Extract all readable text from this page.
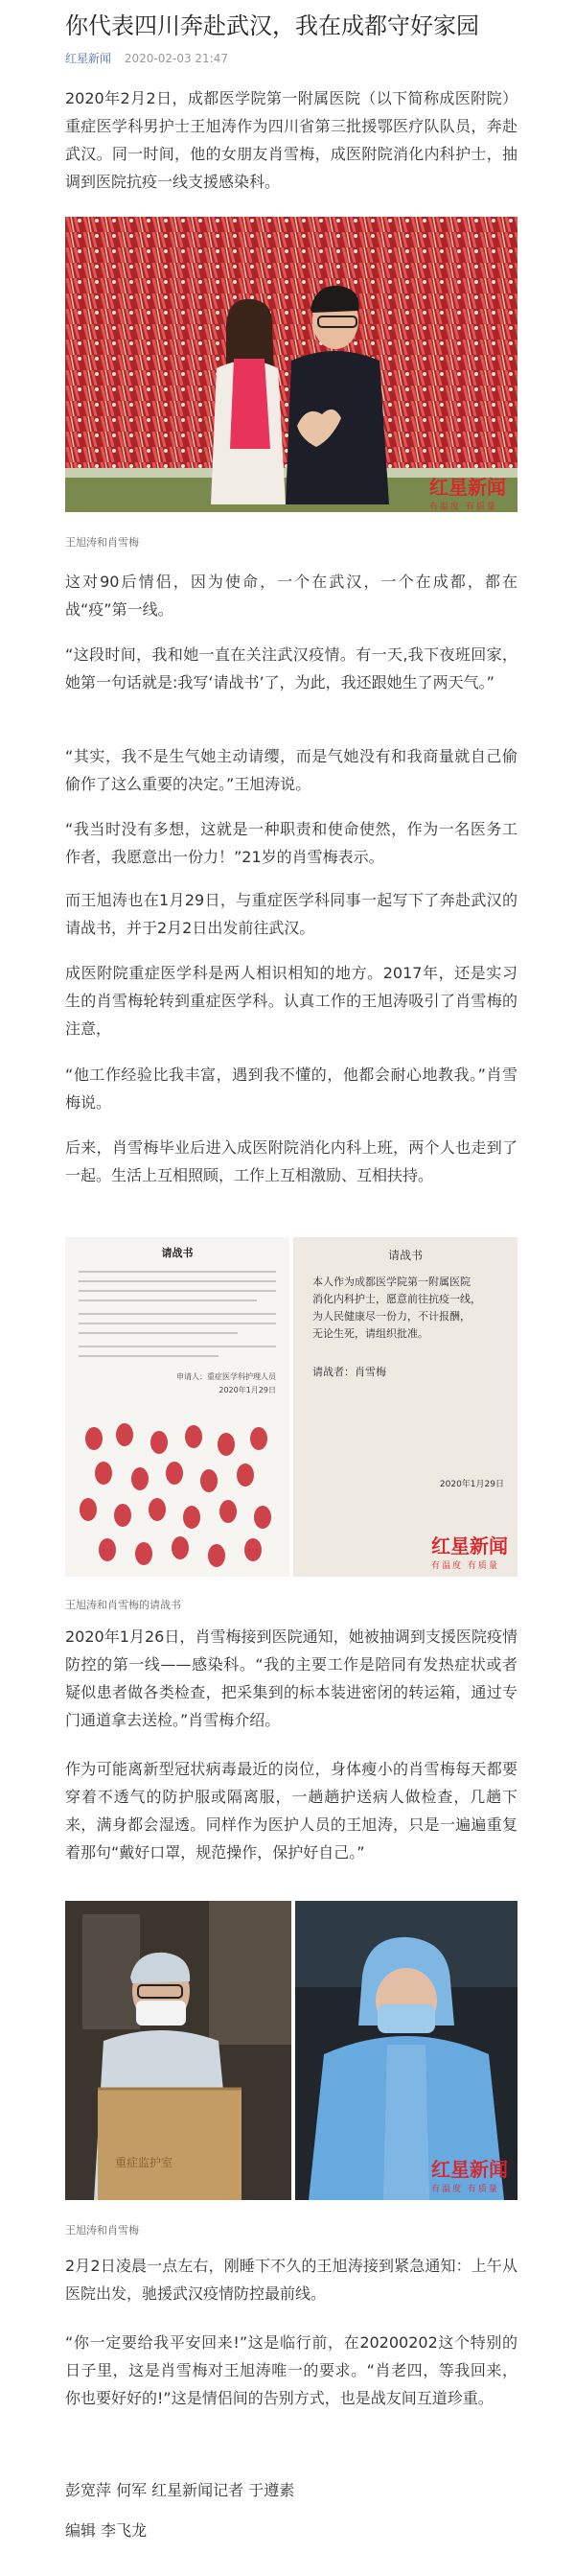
你代表四川奔赴武汉，我在成都守好家园
红星新闻 2020-02-03 21:47

2020年2月2日，成都医学院第一附属医院（以下简称成医附院）重症医学科男护士王旭涛作为四川省第三批援鄂医疗队队员，奔赴武汉。同一时间，他的女朋友肖雪梅，成医附院消化内科护士，抽调到医院抗疫一线支援感染科。

红星新闻
有温度 有质量
王旭涛和肖雪梅

这对90后情侣，因为使命，一个在武汉，一个在成都，都在战“疫”第一线。

“这段时间，我和她一直在关注武汉疫情。有一天,我下夜班回家，她第一句话就是:我写‘请战书’了，为此，我还跟她生了两天气。”

“其实，我不是生气她主动请缨，而是气她没有和我商量就自己偷偷作了这么重要的决定。”王旭涛说。

“我当时没有多想，这就是一种职责和使命使然，作为一名医务工作者，我愿意出一份力！”21岁的肖雪梅表示。

而王旭涛也在1月29日，与重症医学科同事一起写下了奔赴武汉的请战书，并于2月2日出发前往武汉。

成医附院重症医学科是两人相识相知的地方。2017年，还是实习生的肖雪梅轮转到重症医学科。认真工作的王旭涛吸引了肖雪梅的注意，

“他工作经验比我丰富，遇到我不懂的，他都会耐心地教我。”肖雪梅说。

后来，肖雪梅毕业后进入成医附院消化内科上班，两个人也走到了一起。生活上互相照顾，工作上互相激励、互相扶持。

请战书
申请人：重症医学科护理人员
2020年1月29日
请战书
本人作为成都医学院第一附属医院
消化内科护士，愿意前往抗疫一线，
为人民健康尽一份力，不计报酬，
无论生死，请组织批准。
请战者：肖雪梅
2020年1月29日
红星新闻
有温度 有质量
王旭涛和肖雪梅的请战书

2020年1月26日，肖雪梅接到医院通知，她被抽调到支援医院疫情防控的第一线——感染科。“我的主要工作是陪同有发热症状或者疑似患者做各类检查，把采集到的标本装进密闭的转运箱，通过专门通道拿去送检。”肖雪梅介绍。

作为可能离新型冠状病毒最近的岗位，身体瘦小的肖雪梅每天都要穿着不透气的防护服或隔离服，一趟趟护送病人做检查，几趟下来，满身都会湿透。同样作为医护人员的王旭涛，只是一遍遍重复着那句“戴好口罩，规范操作，保护好自己。”

重症监护室	红星新闻
有温度 有质量
王旭涛和肖雪梅

2月2日凌晨一点左右，刚睡下不久的王旭涛接到紧急通知：上午从医院出发，驰援武汉疫情防控最前线。

“你一定要给我平安回来!”这是临行前，在20200202这个特别的日子里，这是肖雪梅对王旭涛唯一的要求。“肖老四，等我回来，你也要好好的!”这是情侣间的告别方式，也是战友间互道珍重。

彭宽萍 何军 红星新闻记者 于遵素
编辑 李飞龙
